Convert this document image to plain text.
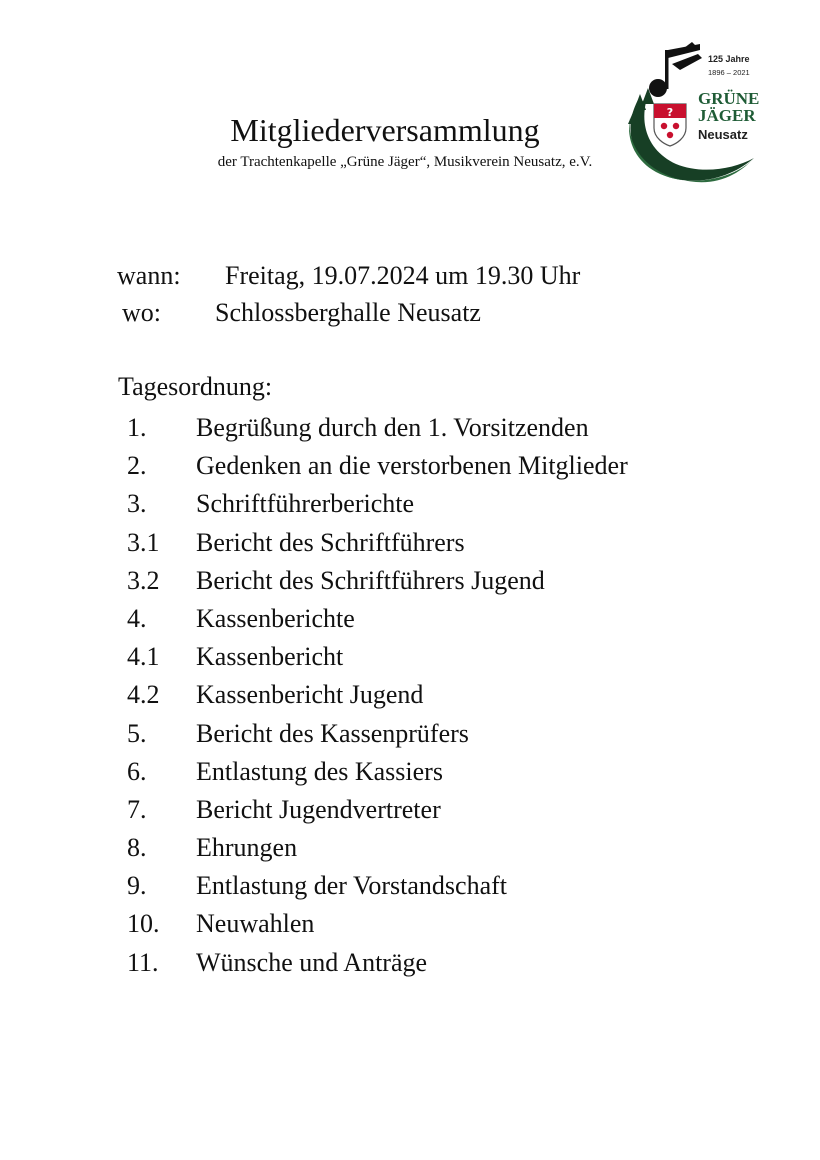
Mitgliederversammlung
der Trachtenkapelle „Grüne Jäger“, Musikverein Neusatz, e.V.
?
125 Jahre
1896 – 2021
GRÜNE
JÄGER
Neusatz
wann: Freitag, 19.07.2024 um 19.30 Uhr
wo: Schlossberghalle Neusatz
Tagesordnung:
1. Begrüßung durch den 1. Vorsitzenden
2. Gedenken an die verstorbenen Mitglieder
3. Schriftführerberichte
3.1 Bericht des Schriftführers
3.2 Bericht des Schriftführers Jugend
4. Kassenberichte
4.1 Kassenbericht
4.2 Kassenbericht Jugend
5. Bericht des Kassenprüfers
6. Entlastung des Kassiers
7. Bericht Jugendvertreter
8. Ehrungen
9. Entlastung der Vorstandschaft
10. Neuwahlen
11. Wünsche und Anträge
